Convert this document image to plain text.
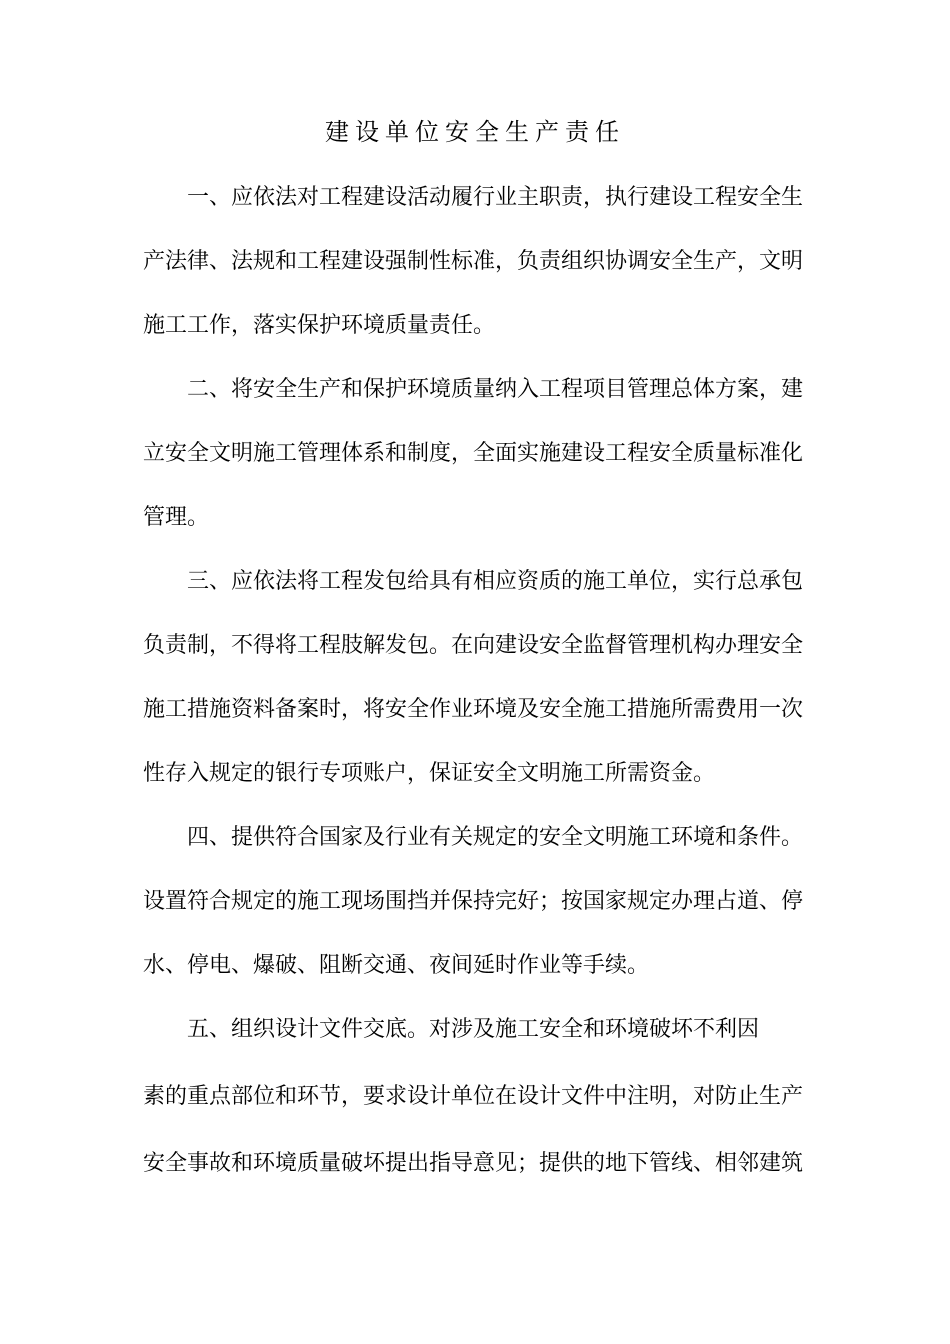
建设单位安全生产责任
一、应依法对工程建设活动履行业主职责，执行建设工程安全生
产法律、法规和工程建设强制性标准，负责组织协调安全生产，文明
施工工作，落实保护环境质量责任。
二、将安全生产和保护环境质量纳入工程项目管理总体方案，建
立安全文明施工管理体系和制度，全面实施建设工程安全质量标准化
管理。
三、应依法将工程发包给具有相应资质的施工单位，实行总承包
负责制，不得将工程肢解发包。在向建设安全监督管理机构办理安全
施工措施资料备案时，将安全作业环境及安全施工措施所需费用一次
性存入规定的银行专项账户，保证安全文明施工所需资金。
四、提供符合国家及行业有关规定的安全文明施工环境和条件。
设置符合规定的施工现场围挡并保持完好；按国家规定办理占道、停
水、停电、爆破、阻断交通、夜间延时作业等手续。
五、组织设计文件交底。对涉及施工安全和环境破坏不利因
素的重点部位和环节，要求设计单位在设计文件中注明，对防止生产
安全事故和环境质量破坏提出指导意见；提供的地下管线、相邻建筑
